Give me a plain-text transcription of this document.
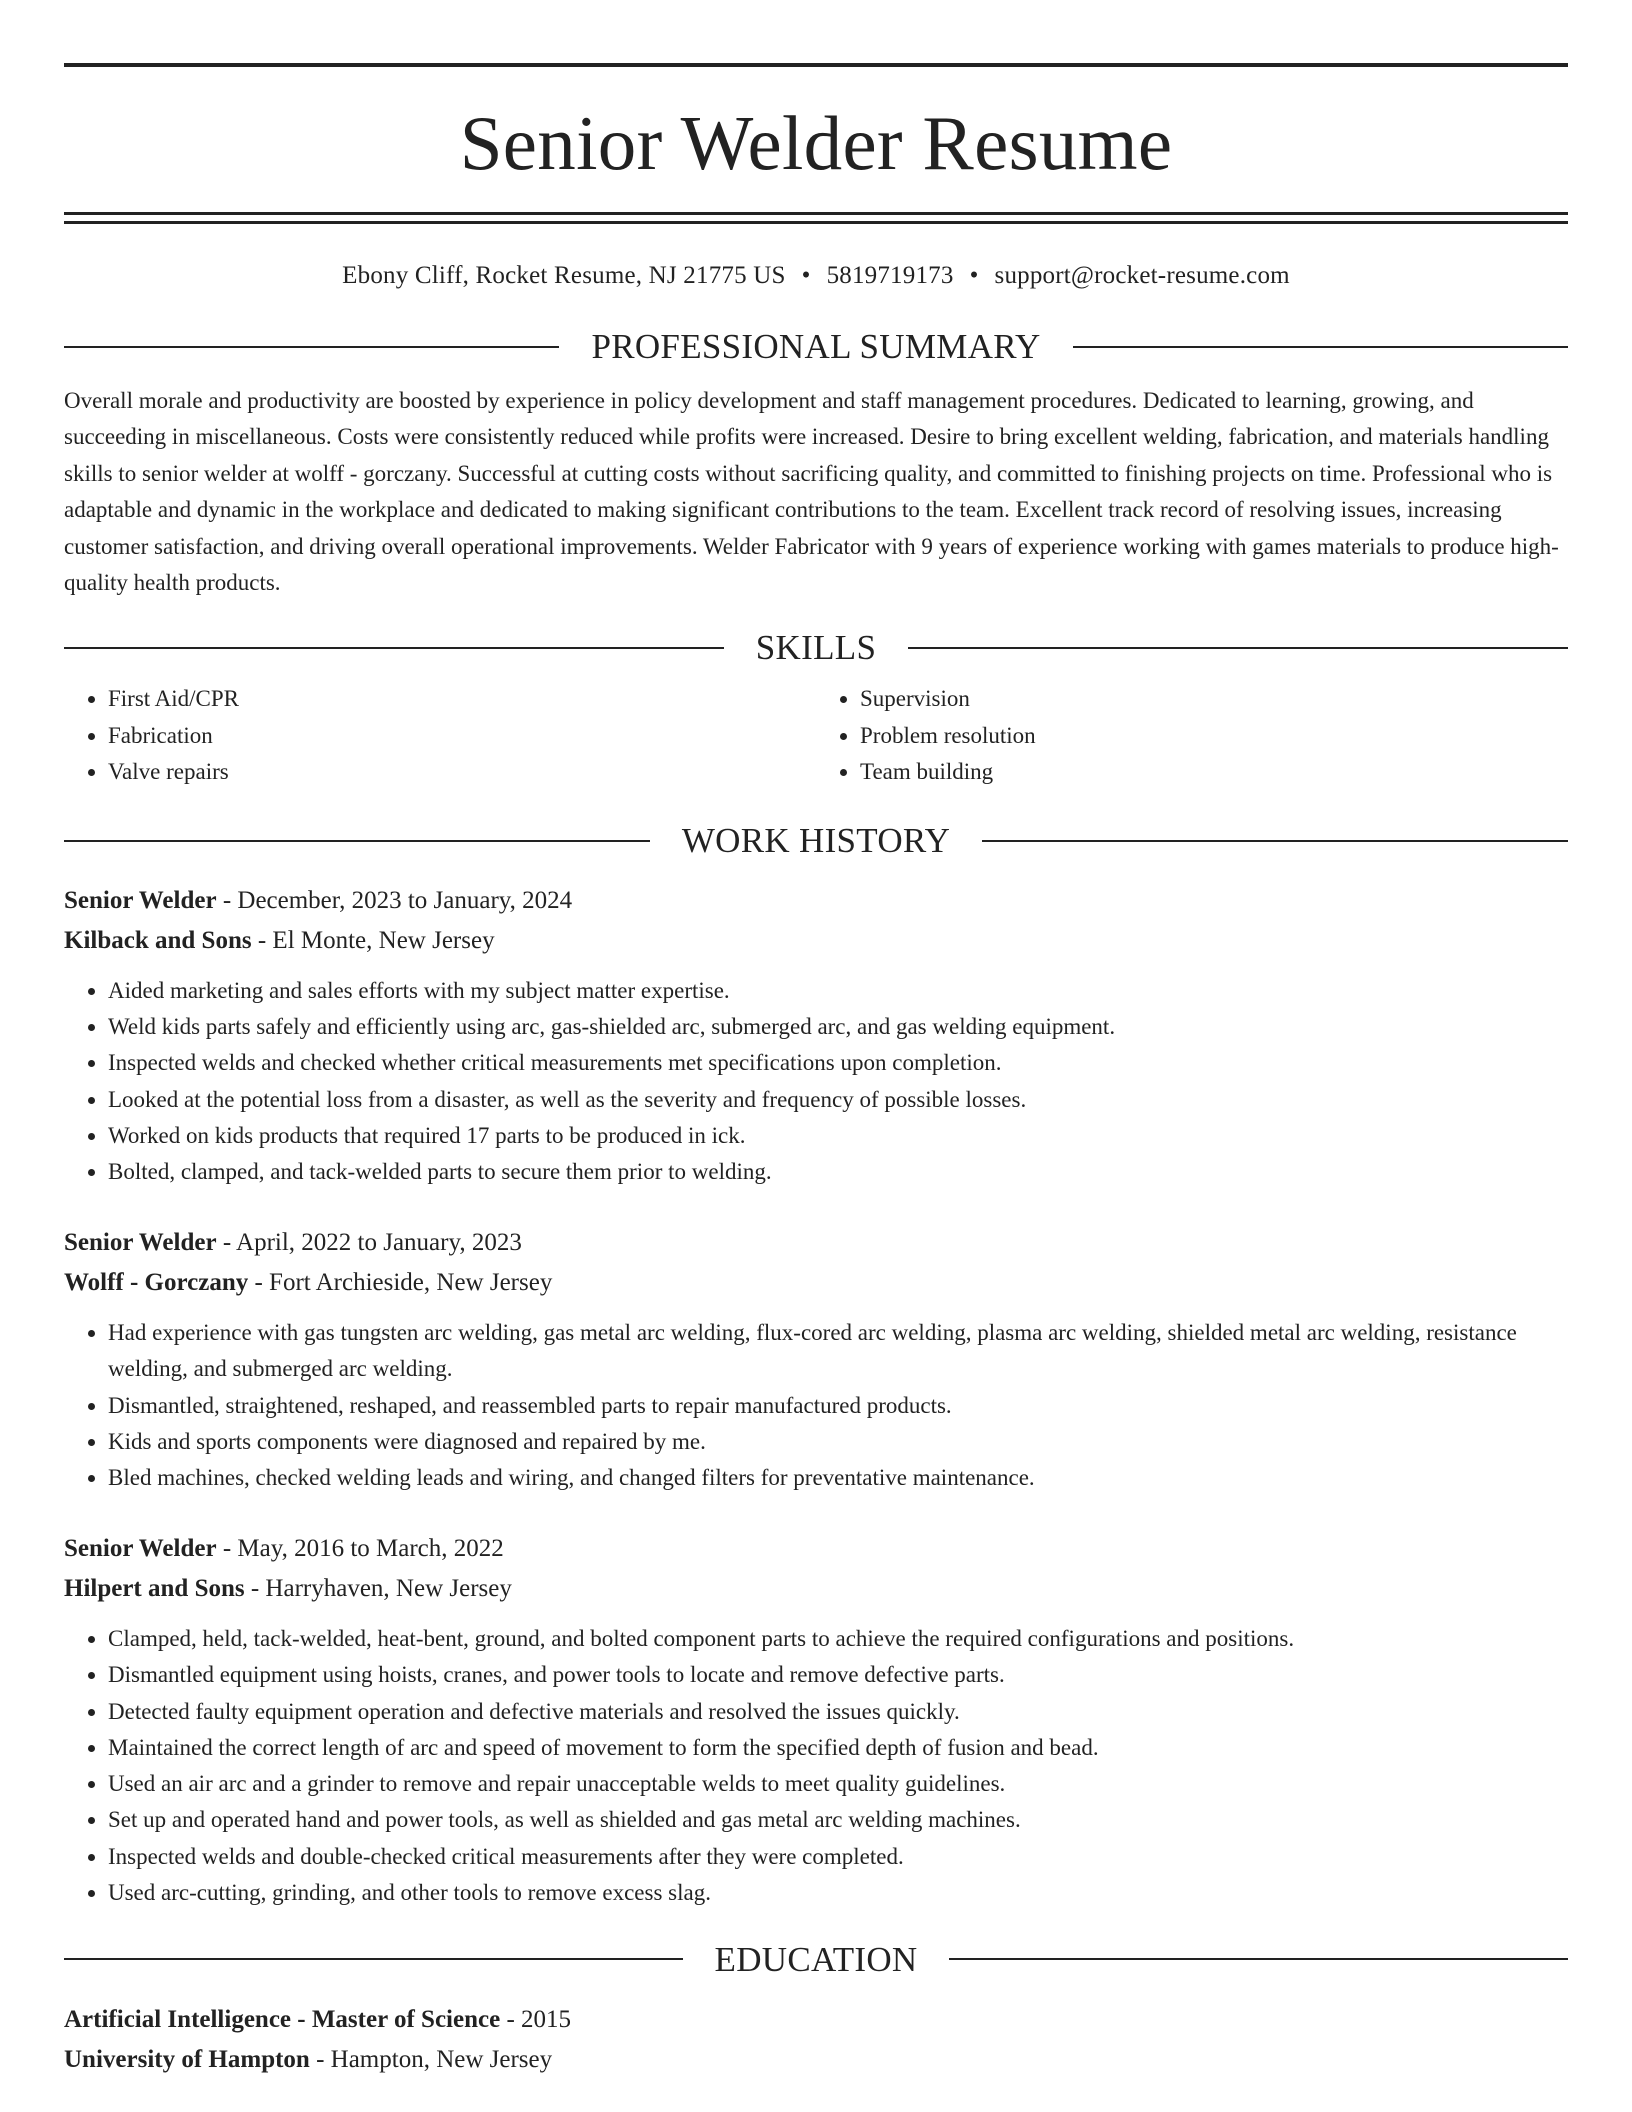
Senior Welder Resume
Ebony Cliff, Rocket Resume, NJ 21775 US • 5819719173 • support@rocket-resume.com
PROFESSIONAL SUMMARY

Overall morale and productivity are boosted by experience in policy development and staff management procedures. Dedicated to learning, growing, and succeeding in miscellaneous. Costs were consistently reduced while profits were increased. Desire to bring excellent welding, fabrication, and materials handling skills to senior welder at wolff - gorczany. Successful at cutting costs without sacrificing quality, and committed to finishing projects on time. Professional who is adaptable and dynamic in the workplace and dedicated to making significant contributions to the team. Excellent track record of resolving issues, increasing customer satisfaction, and driving overall operational improvements. Welder Fabricator with 9 years of experience working with games materials to produce high-quality health products.

SKILLS
• First Aid/CPR
• Fabrication
• Valve repairs
• Supervision
• Problem resolution
• Team building
WORK HISTORY
Senior Welder - December, 2023 to January, 2024
Kilback and Sons - El Monte, New Jersey
• Aided marketing and sales efforts with my subject matter expertise.
• Weld kids parts safely and efficiently using arc, gas-shielded arc, submerged arc, and gas welding equipment.
• Inspected welds and checked whether critical measurements met specifications upon completion.
• Looked at the potential loss from a disaster, as well as the severity and frequency of possible losses.
• Worked on kids products that required 17 parts to be produced in ick.
• Bolted, clamped, and tack-welded parts to secure them prior to welding.
Senior Welder - April, 2022 to January, 2023
Wolff - Gorczany - Fort Archieside, New Jersey
• Had experience with gas tungsten arc welding, gas metal arc welding, flux-cored arc welding, plasma arc welding, shielded metal arc welding, resistance welding, and submerged arc welding.
• Dismantled, straightened, reshaped, and reassembled parts to repair manufactured products.
• Kids and sports components were diagnosed and repaired by me.
• Bled machines, checked welding leads and wiring, and changed filters for preventative maintenance.
Senior Welder - May, 2016 to March, 2022
Hilpert and Sons - Harryhaven, New Jersey
• Clamped, held, tack-welded, heat-bent, ground, and bolted component parts to achieve the required configurations and positions.
• Dismantled equipment using hoists, cranes, and power tools to locate and remove defective parts.
• Detected faulty equipment operation and defective materials and resolved the issues quickly.
• Maintained the correct length of arc and speed of movement to form the specified depth of fusion and bead.
• Used an air arc and a grinder to remove and repair unacceptable welds to meet quality guidelines.
• Set up and operated hand and power tools, as well as shielded and gas metal arc welding machines.
• Inspected welds and double-checked critical measurements after they were completed.
• Used arc-cutting, grinding, and other tools to remove excess slag.
EDUCATION
Artificial Intelligence - Master of Science - 2015
University of Hampton - Hampton, New Jersey
